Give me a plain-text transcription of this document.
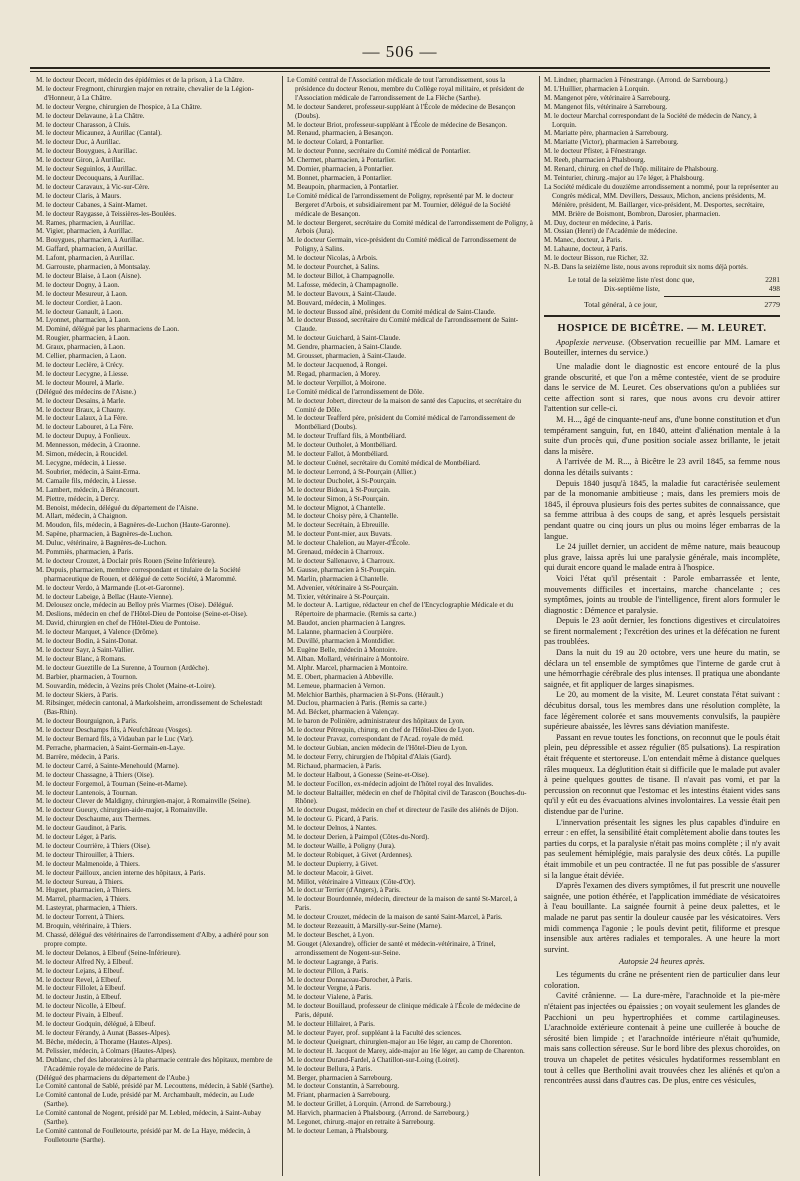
— 506 —

M. le docteur Decert, médecin des épidémies et de la prison, à La Châtre.

M. le docteur Fregmont, chirurgien major en retraite, chevalier de la Légion-d'Honneur, à La Châtre.

M. le docteur Vergne, chirurgien de l'hospice, à La Châtre.

M. le docteur Delavaune, à La Châtre.

M. le docteur Charasson, à Cluis.

M. le docteur Micaunez, à Aurillac (Cantal).

M. le docteur Duc, à Aurillac.

M. le docteur Bouygues, à Aurillac.

M. le docteur Giron, à Aurillac.

M. le docteur Seguinlos, à Aurillac.

M. le docteur Decouquans, à Aurillac.

M. le docteur Caravaux, à Vic-sur-Cère.

M. le docteur Claris, à Maurs.

M. le docteur Cabanes, à Saint-Mamet.

M. le docteur Raygasse, à Teissières-les-Boulées.

M. Rames, pharmacien, à Aurillac.

M. Vigier, pharmacien, à Aurillac.

M. Bouygues, pharmacien, à Aurillac.

M. Gaffard, pharmacien, à Aurillac.

M. Lafont, pharmacien, à Aurillac.

M. Garrouste, pharmacien, à Montsalay.

M. le docteur Blaise, à Laon (Aisne).

M. le docteur Dogny, à Laon.

M. le docteur Mesureur, à Laon.

M. le docteur Cordier, à Laon.

M. le docteur Ganault, à Laon.

M. Lyonnet, pharmacien, à Laon.

M. Dominé, délégué par les pharmaciens de Laon.

M. Rougier, pharmacien, à Laon.

M. Graux, pharmacien, à Laon.

M. Cellier, pharmacien, à Laon.

M. le docteur Leclère, à Crécy.

M. le docteur Lecygne, à Liesse.

M. le docteur Mourel, à Marle.

(Délégué des médecins de l'Aisne.)

M. le docteur Desains, à Marle.

M. le docteur Braux, à Chauny.

M. le docteur Lalaux, à La Fère.

M. le docteur Labouret, à La Fère.

M. le docteur Dupuy, à Fonlieux.

M. Mennesson, médecin, à Craonne.

M. Simon, médecin, à Roucidel.

M. Lecygne, médecin, à Liesse.

M. Soubrier, médecin, à Saint-Erma.

M. Camaile fils, médecin, à Liesse.

M. Lambert, médecin, à Bérancourt.

M. Piettre, médecin, à Dercy.

M. Benoist, médecin, délégué du département de l'Aisne.

M. Allart, médecin, à Chaignon.

M. Moudon, fils, médecin, à Bagnères-de-Luchon (Haute-Garonne).

M. Sapène, pharmacien, à Bagnères-de-Luchon.

M. Duluc, vétérinaire, à Bagnères-de-Luchon.

M. Pommiès, pharmacien, à Paris.

M. le docteur Crouzet, à Doclair près Rouen (Seine Inférieure).

M. Dupuis, pharmacien, membre correspondant et titulaire de la Société pharmaceutique de Rouen, et délégué de cette Société, à Marommé.

M. le docteur Verdo, à Marmande (Lot-et-Garonne).

M. le docteur Labeige, à Bellac (Haute-Vienne).

M. Delousez oncle, médecin au Belloy près Viarmes (Oise). Délégué.

M. Deslions, médecin en chef de l'Hôtel-Dieu de Pontoise (Seine-et-Oise).

M. David, chirurgien en chef de l'Hôtel-Dieu de Pontoise.

M. le docteur Marquet, à Valence (Drôme).

M. le docteur Bodin, à Saint-Donat.

M. le docteur Sayr, à Saint-Vallier.

M. le docteur Blanc, à Romans.

M. le docteur Gueztille de La Surenne, à Tournon (Ardèche).

M. Barbier, pharmacien, à Tournon.

M. Souvardin, médecin, à Vezins près Cholet (Maine-et-Loire).

M. le docteur Skiers, à Paris.

M. Ribsinger, médecin cantonal, à Markolsheim, arrondissement de Schelestadt (Bas-Rhin).

M. le docteur Bourguignon, à Paris.

M. le docteur Deschamps fils, à Neufchâteau (Vosges).

M. le docteur Bernard fils, à Vidauban par le Luc (Var).

M. Perrache, pharmacien, à Saint-Germain-en-Laye.

M. Barrère, médecin, à Paris.

M. le docteur Carré, à Sainte-Menehould (Marne).

M. le docteur Chassagne, à Thiers (Oise).

M. le docteur Forgemol, à Tournan (Seine-et-Marne).

M. le docteur Lantenois, à Tournan.

M. le docteur Clever de Maldigny, chirurgien-major, à Romainville (Seine).

M. le docteur Gueury, chirurgien-aide-major, à Romainville.

M. le docteur Deschaume, aux Thermes.

M. le docteur Gaudinot, à Paris.

M. le docteur Léger, à Paris.

M. le docteur Courrière, à Thiers (Oise).

M. le docteur Thirouiller, à Thiers.

M. le docteur Malmenoide, à Thiers.

M. le docteur Pailloux, ancien interne des hôpitaux, à Paris.

M. le docteur Sureau, à Thiers.

M. Huguet, pharmacien, à Thiers.

M. Marrel, pharmacien, à Thiers.

M. Lasteyrat, pharmacien, à Thiers.

M. le docteur Torrent, à Thiers.

M. Broquin, vétérinaire, à Thiers.

M. Chassé, délégué des vétérinaires de l'arrondissement d'Alby, a adhéré pour son propre compte.

M. le docteur Delanos, à Elbeuf (Seine-Inférieure).

M. le docteur Alfred Ny, à Elbeuf.

M. le docteur Lejans, à Elbeuf.

M. le docteur Revel, à Elbeuf.

M. le docteur Fillolet, à Elbeuf.

M. le docteur Justin, à Elbeuf.

M. le docteur Nicolle, à Elbeuf.

M. le docteur Pivain, à Elbeuf.

M. le docteur Godquin, délégué, à Elbeuf.

M. le docteur Férandy, à Aunat (Basses-Alpes).

M. Bèche, médecin, à Thorame (Hautes-Alpes).

M. Pelissier, médecin, à Colmars (Hautes-Alpes).

M. Dublanc, chef des laboratoires à la pharmacie centrale des hôpitaux, membre de l'Académie royale de médecine de Paris.

(Délégué des pharmaciens du département de l'Aube.)

Le Comité cantonal de Sablé, présidé par M. Lecouttens, médecin, à Sablé (Sarthe).

Le Comité cantonal de Lude, présidé par M. Archambault, médecin, au Lude (Sarthe).

Le Comité cantonal de Nogent, présidé par M. Lebled, médecin, à Saint-Aubay (Sarthe).

Le Comité cantonal de Foulletourte, présidé par M. de La Haye, médecin, à Foulletourte (Sarthe).

Le Comité central de l'Association médicale de tout l'arrondissement, sous la présidence du docteur Renou, membre du Collège royal militaire, et président de l'Association médicale de l'arrondissement de La Flèche (Sarthe).

M. le docteur Sanderet, professeur-suppléant à l'École de médecine de Besançon (Doubs).

M. le docteur Briot, professeur-suppléant à l'École de médecine de Besançon.

M. Renaud, pharmacien, à Besançon.

M. le docteur Colard, à Pontarlier.

M. le docteur Ponne, secrétaire du Comité médical de Pontarlier.

M. Chermet, pharmacien, à Pontarlier.

M. Dornier, pharmacien, à Pontarlier.

M. Bonnet, pharmacien, à Pontarlier.

M. Beaupoin, pharmacien, à Pontarlier.

Le Comité médical de l'arrondissement de Poligny, représenté par M. le docteur Bergeret d'Arbois, et subsidiairement par M. Tournier, délégué de la Société médicale de Besançon.

M. le docteur Bergeret, secrétaire du Comité médical de l'arrondissement de Poligny, à Arbois (Jura).

M. le docteur Germain, vice-président du Comité médical de l'arrondissement de Poligny, à Salins.

M. le docteur Nicolas, à Arbois.

M. le docteur Pourchet, à Salins.

M. le docteur Billot, à Champagnolle.

M. Lafosse, médecin, à Champagnolle.

M. le docteur Bavoux, à Saint-Claude.

M. Bouvard, médecin, à Molinges.

M. le docteur Bussod aîné, président du Comité médical de Saint-Claude.

M. le docteur Bussod, secrétaire du Comité médical de l'arrondissement de Saint-Claude.

M. le docteur Guichard, à Saint-Claude.

M. Gendre, pharmacien, à Saint-Claude.

M. Grousset, pharmacien, à Saint-Claude.

M. le docteur Jacquenod, à Rongei.

M. Regad, pharmacien, à Morey.

M. le docteur Verpillot, à Moirone.

Le Comité médical de l'arrondissement de Dôle.

M. le docteur Jobert, directeur de la maison de santé des Capucins, et secrétaire du Comité de Dôle.

M. le docteur Teafferd père, président du Comité médical de l'arrondissement de Montbéliard (Doubs).

M. le docteur Truffard fils, à Montbéliard.

M. le docteur Outholet, à Montbéliard.

M. le docteur Fallot, à Montbéliard.

M. le docteur Cuénel, secrétaire du Comité médical de Montbéliard.

M. le docteur Lerrond, à St-Pourçain (Allier.)

M. le docteur Ducholet, à St-Pourçain.

M. le docteur Bideau, à St-Pourçain.

M. le docteur Simon, à St-Pourçain.

M. le docteur Mignot, à Chantelle.

M. le docteur Choisy père, à Chantelle.

M. le docteur Secrétain, à Ebreuille.

M. le docteur Pont-mier, aux Buvats.

M. le docteur Chalelion, au Mayer-d'École.

M. Grenaud, médecin à Charroux.

M. le docteur Sallenauve, à Charroux.

M. Gausse, pharmacien à St-Pourçain.

M. Marlin, pharmacien à Chantelle.

M. Advenier, vétérinaire à St-Pourçain.

M. Tixier, vétérinaire à St-Pourçain.

M. le docteur A. Lartigue, rédacteur en chef de l'Encyclographie Médicale et du Répertoire de pharmacie. (Remis sa carte.)

M. Baudot, ancien pharmacien à Langres.

M. Lalanne, pharmacien à Courpière.

M. Duvillé, pharmacien à Montdidier.

M. Eugène Belle, médecin à Montoire.

M. Alban. Mollard, vétérinaire à Montoire.

M. Alphr. Marcel, pharmacien à Montoire.

M. E. Obert, pharmacien à Abbeville.

M. Lemeue, pharmacien à Vernon.

M. Melchior Barthès, pharmacien à St-Pons. (Hérault.)

M. Duclou, pharmacien à Paris. (Remis sa carte.)

M. Ad. Bécket, pharmacien à Valençay.

M. le baron de Polinière, administrateur des hôpitaux de Lyon.

M. le docteur Pétrequin, chirurg. en chef de l'Hôtel-Dieu de Lyon.

M. le docteur Pravaz, correspondant de l'Acad. royale de méd.

M. le docteur Gubian, ancien médecin de l'Hôtel-Dieu de Lyon.

M. le docteur Ferry, chirurgien de l'hôpital d'Alais (Gard).

M. Richaud, pharmacien, à Paris.

M. le docteur Halbout, à Gonesse (Seine-et-Oise).

M. le docteur Focillon, ex-médecin adjoint de l'hôtel royal des Invalides.

M. le docteur Baltailler, médecin en chef de l'hôpital civil de Tarascon (Bouches-du-Rhône).

M. le docteur Dugast, médecin en chef et directeur de l'asile des aliénés de Dijon.

M. le docteur G. Picard, à Paris.

M. le docteur Delnos, à Nantes.

M. le docteur Derien, à Paimpol (Côtes-du-Nord).

M. le docteur Waille, à Poligny (Jura).

M. le docteur Robiquet, à Givet (Ardennes).

M. le docteur Dupierry, à Givet.

M. le docteur Macoir, à Givet.

M. Millot, vétérinaire à Vitteaux (Côte-d'Or).

M. le doct.ur Terrier (d'Angers), à Paris.

M. le docteur Bourdonnée, médecin, directeur de la maison de santé St-Marcel, à Paris.

M. le docteur Crouzet, médecin de la maison de santé Saint-Marcel, à Paris.

M. le docteur Rezeauitt, à Marsilly-sur-Seine (Marne).

M. le docteur Beschet, à Lyon.

M. Gouget (Alexandre), officier de santé et médecin-vétérinaire, à Trinel, arrondissement de Nogent-sur-Seine.

M. le docteur Lagrange, à Paris.

M. le docteur Pillon, à Paris.

M. le docteur Donnaceau-Durocher, à Paris.

M. le docteur Vergne, à Paris.

M. le docteur Vialene, à Paris.

M. le docteur Bouillaud, professeur de clinique médicale à l'École de médecine de Paris, député.

M. le docteur Hillairet, à Paris.

M. le docteur Payer, prof. suppléant à la Faculté des sciences.

M. le docteur Queignart, chirurgien-major au 16e léger, au camp de Chorenton.

M. le docteur H. Jacquot de Marey, aide-major au 16e léger, au camp de Charenton.

M. le docteur Durand-Fardel, à Chatillon-sur-Loing (Loiret).

M. le docteur Bellura, à Paris.

M. Berger, pharmacien à Sarrebourg.

M. le docteur Constantin, à Sarrebourg.

M. Friant, pharmacien à Sarrebourg.

M. le docteur Grillet, à Lorquin. (Arrond. de Sarrebourg.)

M. Harvich, pharmacien à Phalsbourg. (Arrond. de Sarrebourg.)

M. Legonet, chirurg.-major en retraite à Sarrebourg.

M. le docteur Leman, à Phalsbourg.

M. Lindner, pharmacien à Fénestrange. (Arrond. de Sarrebourg.)

M. L'Huillier, pharmacien à Lorquin.

M. Mangenot père, vétérinaire à Sarrebourg.

M. Mangenot fils, vétérinaire à Sarrebourg.

M. le docteur Marchal correspondant de la Société de médecin de Nancy, à Lorquin.

M. Mariatte père, pharmacien à Sarrebourg.

M. Mariatte (Victor), pharmacien à Sarrebourg.

M. le docteur Pfister, à Fénestrange.

M. Reeb, pharmacien à Phalsbourg.

M. Renard, chirurg. en chef de l'hôp. militaire de Phalsbourg.

M. Teinturier, chirurg.-major au 17e léger, à Phalsbourg.

La Société médicale du douzième arrondissement a nommé, pour la représenter au Congrès médical, MM. Devillers, Dessaux, Michon, anciens présidents, M. Ménière, président, M. Baillarger, vice-président, M. Desportes, secrétaire, MM. Brière de Boismont, Bombron, Darosier, pharmacien.

M. Duy, docteur en médecine, à Paris.

M. Ossian (Henri) de l'Académie de médecine.

M. Manec, docteur, à Paris.

M. Lahaune, docteur, à Paris.

M. le docteur Bisson, rue Richer, 32.

N.-B. Dans la seizième liste, nous avons reproduit six noms déjà portés.

Le total de la seizième liste n'est donc que,	2281
Dix-septième liste,	498
Total général, à ce jour,	2779
HOSPICE DE BICÊTRE. — M. LEURET.

Apoplexie nerveuse. (Observation recueillie par MM. Lamare et Bouteiller, internes du service.)

Une maladie dont le diagnostic est encore entouré de la plus grande obscurité, et que l'on a même contestée, vient de se produire dans le service de M. Leuret. Ces observations qu'on a publiées sur cette affection sont si rares, que nous avons cru devoir attirer l'attention sur celle-ci.

M. H..., âgé de cinquante-neuf ans, d'une bonne constitution et d'un tempérament sanguin, fut, en 1840, atteint d'aliénation mentale à la suite d'un procès qui, d'une position sociale assez brillante, le jetait dans la misère.

A l'arrivée de M. R..., à Bicêtre le 23 avril 1845, sa femme nous donna les détails suivants :

Depuis 1840 jusqu'à 1845, la maladie fut caractérisée seulement par de la monomanie ambitieuse ; mais, dans les premiers mois de 1845, il éprouva plusieurs fois des pertes subites de connaissance, que sa femme attribua à des coups de sang, et après lesquels persistait pendant quatre ou cinq jours un plus ou moins léger embarras de la langue.

Le 24 juillet dernier, un accident de même nature, mais beaucoup plus grave, laissa après lui une paralysie générale, mais incomplète, qui durait encore quand le malade entra à l'hospice.

Voici l'état qu'il présentait : Parole embarrassée et lente, mouvements difficiles et incertains, marche chancelante ; ces symptômes, joints au trouble de l'intelligence, firent alors formuler le diagnostic : Démence et paralysie.

Depuis le 23 août dernier, les fonctions digestives et circulatoires se firent normalement ; l'excrétion des urines et la défécation ne furent pas troublées.

Dans la nuit du 19 au 20 octobre, vers une heure du matin, se déclara un tel ensemble de symptômes que l'interne de garde crut à une hémorrhagie cérébrale des plus intenses. Il pratiqua une abondante saignée, et fit appliquer de larges sinapismes.

Le 20, au moment de la visite, M. Leuret constata l'état suivant : décubitus dorsal, tous les membres dans une résolution complète, la face légèrement colorée et sans mouvements convulsifs, la paupière supérieure abaissée, les lèvres sans déviation manifeste.

Passant en revue toutes les fonctions, on reconnut que le pouls était plein, peu dépressible et assez régulier (85 pulsations). La respiration était fréquente et stertoreuse. L'on entendait même à distance quelques râles muqueux. La déglutition était si difficile que le malade put avaler à peine quelques gouttes de tisane. Il n'avait pas vomi, et par la percussion on reconnut que l'estomac et les intestins étaient vides sans qu'il y eût eu des évacuations alvines involontaires. La vessie était pen distendue par de l'urine.

L'innervation présentait les signes les plus capables d'induire en erreur : en effet, la sensibilité était complètement abolie dans toutes les parties du corps, et la paralysie n'était pas moins complète ; il n'y avait pas seulement hémiplégie, mais paralysie des deux côtés. La pupille était immobile et un peu contractée. Il ne fut pas possible de s'assurer si la langue était déviée.

D'après l'examen des divers symptômes, il fut prescrit une nouvelle saignée, une potion éthérée, et l'application immédiate de vésicatoires à l'eau bouillante. La saignée fournit à peine deux palettes, et le malade ne parut pas sentir la douleur causée par les vésicatoires. Vers midi commença l'agonie ; le pouls devint petit, filiforme et presque insensible aux artères radiales et temporales. A une heure la mort survint.

Autopsie 24 heures après.

Les téguments du crâne ne présentent rien de particulier dans leur coloration.

Cavité crânienne. — La dure-mère, l'arachnoïde et la pie-mère n'étaient pas injectées ou épaissies ; on voyait seulement les glandes de Pacchioni un peu hypertrophiées et comme cartilagineuses. L'arachnoïde extérieure contenait à peine une cuillerée à bouche de sérosité bien limpide ; et l'arachnoïde intérieure n'était qu'humide, mais sans collection séreuse. Sur le bord libre des plexus choroïdes, on trouva un chapelet de petites vésicules hydatiformes ressemblant en tout à celles que Bertholini avait trouvées chez les aliénés et qu'on a rencontrées aussi dans d'autres cas. De plus, entre ces vésicules,
